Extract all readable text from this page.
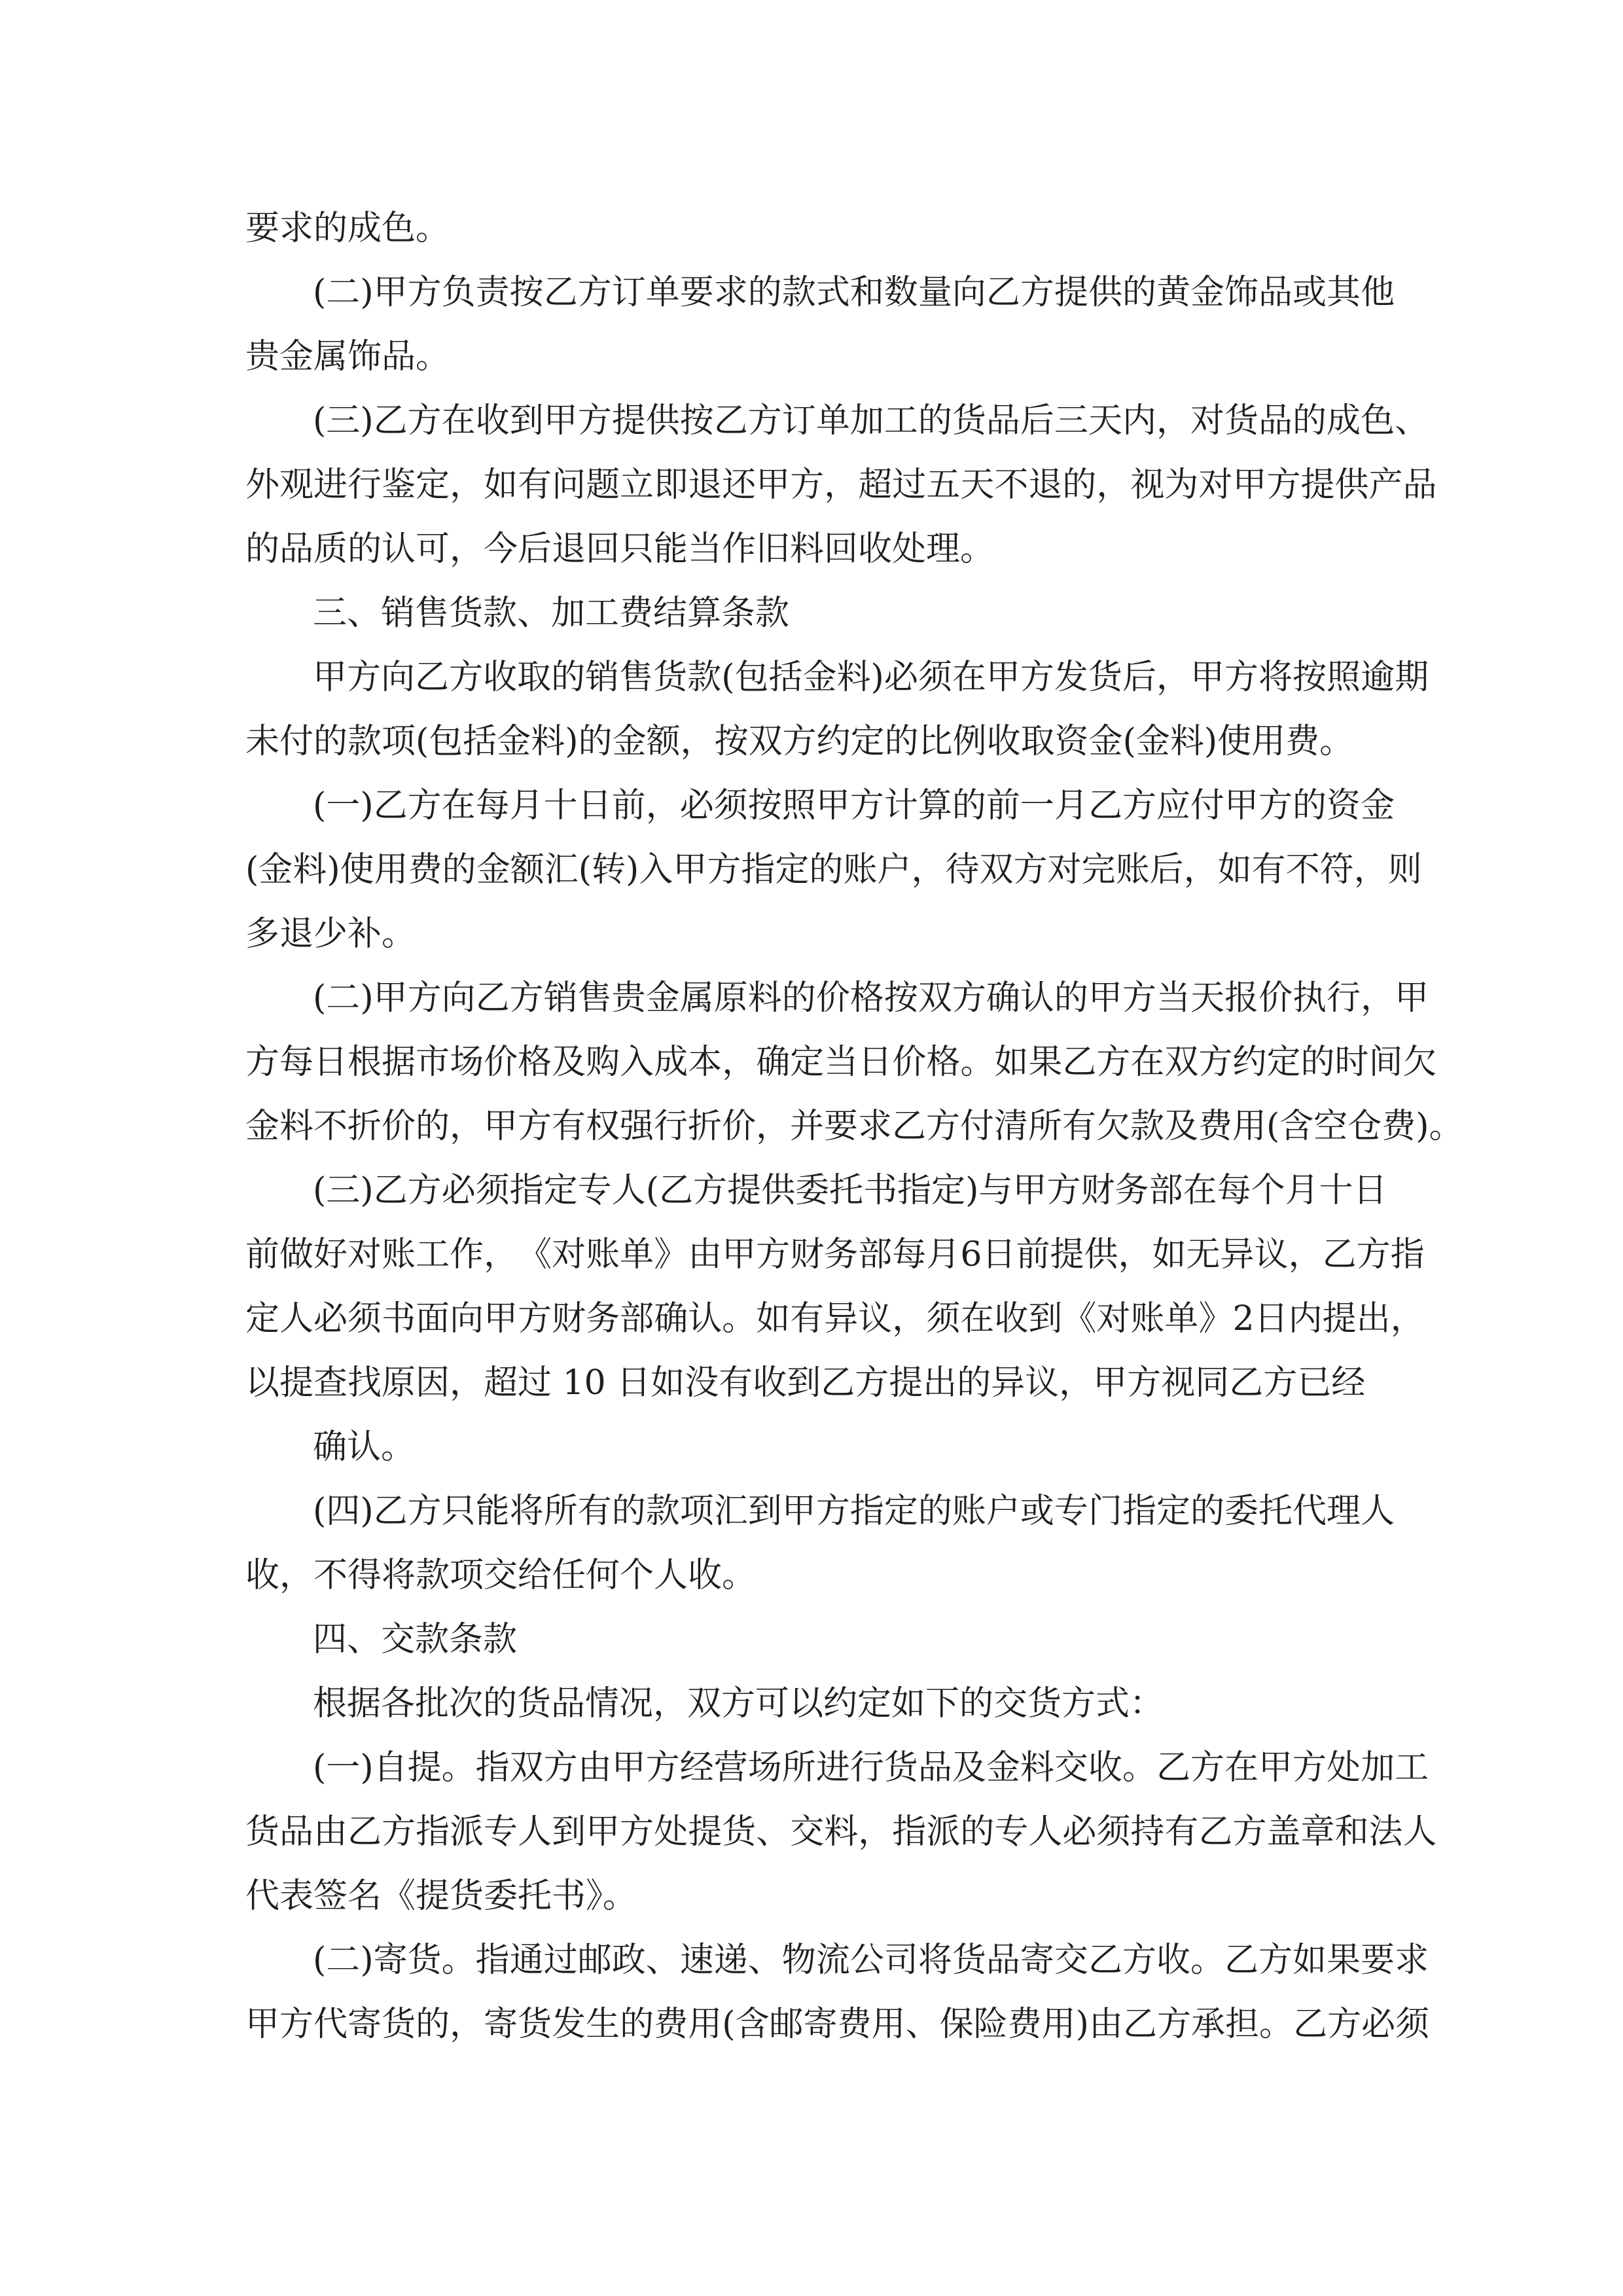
要求的成色。
( 二 ) 甲 方 负 责 按 乙 方 订 单 要 求 的 款 式 和 数 量 向 乙 方 提 供 的 黄 金 饰 品 或 其 他
贵金属饰品。
( 三 ) 乙 方 在 收 到 甲 方 提 供 按 乙 方 订 单 加 工 的 货 品 后 三 天 内 ， 对 货 品 的 成 色 、
外 观 进 行 鉴 定 ， 如 有 问 题 立 即 退 还 甲 方 ， 超 过 五 天 不 退 的 ， 视 为 对 甲 方 提 供 产 品
的品质的认可，今后退回只能当作旧料回收处理。
三、销售货款、加工费结算条款
甲 方 向 乙 方 收 取 的 销 售 货 款 ( 包 括 金 料 ) 必 须 在 甲 方 发 货 后 ， 甲 方 将 按 照 逾 期
未付的款项(包括金料)的金额，按双方约定的比例收取资金(金料)使用费。
( 一 ) 乙 方 在 每 月 十 日 前 ， 必 须 按 照 甲 方 计 算 的 前 一 月 乙 方 应 付 甲 方 的 资 金
( 金 料 ) 使 用 费 的 金 额 汇 ( 转 ) 入 甲 方 指 定 的 账 户 ， 待 双 方 对 完 账 后 ， 如 有 不 符 ， 则
多退少补。
( 二 ) 甲 方 向 乙 方 销 售 贵 金 属 原 料 的 价 格 按 双 方 确 认 的 甲 方 当 天 报 价 执 行 ， 甲
方 每 日 根 据 市 场 价 格 及 购 入 成 本 ， 确 定 当 日 价 格 。 如 果 乙 方 在 双 方 约 定 的 时 间 欠
金料不折价的，甲方有权强行折价，并要求乙方付清所有欠款及费用(含空仓费)。
( 三 ) 乙 方 必 须 指 定 专 人 ( 乙 方 提 供 委 托 书 指 定 ) 与 甲 方 财 务 部 在 每 个 月 十 日
前 做 好 对 账 工 作 ， 《 对 账 单 》 由 甲 方 财 务 部 每 月 6 日 前 提 供 ， 如 无 异 议 ， 乙 方 指
定 人 必 须 书 面 向 甲 方 财 务 部 确 认 。 如 有 异 议 ， 须 在 收 到 《 对 账 单 》 2 日 内 提 出 ，
以提查找原因，超过 10 日如没有收到乙方提出的异议，甲方视同乙方已经
确认。
( 四 ) 乙 方 只 能 将 所 有 的 款 项 汇 到 甲 方 指 定 的 账 户 或 专 门 指 定 的 委 托 代 理 人
收，不得将款项交给任何个人收。
四、交款条款
根据各批次的货品情况，双方可以约定如下的交货方式：
( 一 ) 自 提 。 指 双 方 由 甲 方 经 营 场 所 进 行 货 品 及 金 料 交 收 。 乙 方 在 甲 方 处 加 工
货 品 由 乙 方 指 派 专 人 到 甲 方 处 提 货 、 交 料 ， 指 派 的 专 人 必 须 持 有 乙 方 盖 章 和 法 人
代表签名《提货委托书》。
( 二 ) 寄 货 。 指 通 过 邮 政 、 速 递 、 物 流 公 司 将 货 品 寄 交 乙 方 收 。 乙 方 如 果 要 求
甲 方 代 寄 货 的 ， 寄 货 发 生 的 费 用 ( 含 邮 寄 费 用 、 保 险 费 用 ) 由 乙 方 承 担 。 乙 方 必 须
